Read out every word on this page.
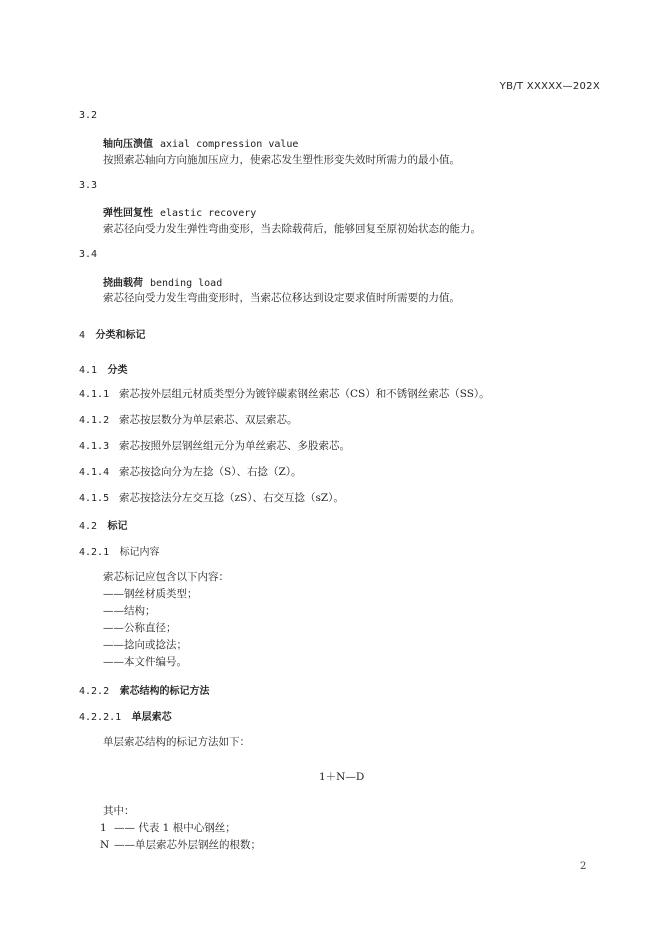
YB/T XXXXX—202X
3.2
轴向压溃值 axial compression value
按照索芯轴向方向施加压应力，使索芯发生塑性形变失效时所需力的最小值。
3.3
弹性回复性 elastic recovery
索芯径向受力发生弹性弯曲变形，当去除载荷后，能够回复至原初始状态的能力。
3.4
挠曲载荷 bending load
索芯径向受力发生弯曲变形时，当索芯位移达到设定要求值时所需要的力值。
4 分类和标记
4.1 分类
4.1.1 索芯按外层组元材质类型分为镀锌碳素钢丝索芯（CS）和不锈钢丝索芯（SS）。
4.1.2 索芯按层数分为单层索芯、双层索芯。
4.1.3 索芯按照外层钢丝组元分为单丝索芯、多股索芯。
4.1.4 索芯按捻向分为左捻（S）、右捻（Z）。
4.1.5 索芯按捻法分左交互捻（zS）、右交互捻（sZ）。
4.2 标记
4.2.1 标记内容
索芯标记应包含以下内容：
——钢丝材质类型；
——结构；
——公称直径；
——捻向或捻法；
——本文件编号。
4.2.2 索芯结构的标记方法
4.2.2.1 单层索芯
单层索芯结构的标记方法如下：
1＋N—D
其中：
1 —— 代表 1 根中心钢丝；
N ——单层索芯外层钢丝的根数；
2
